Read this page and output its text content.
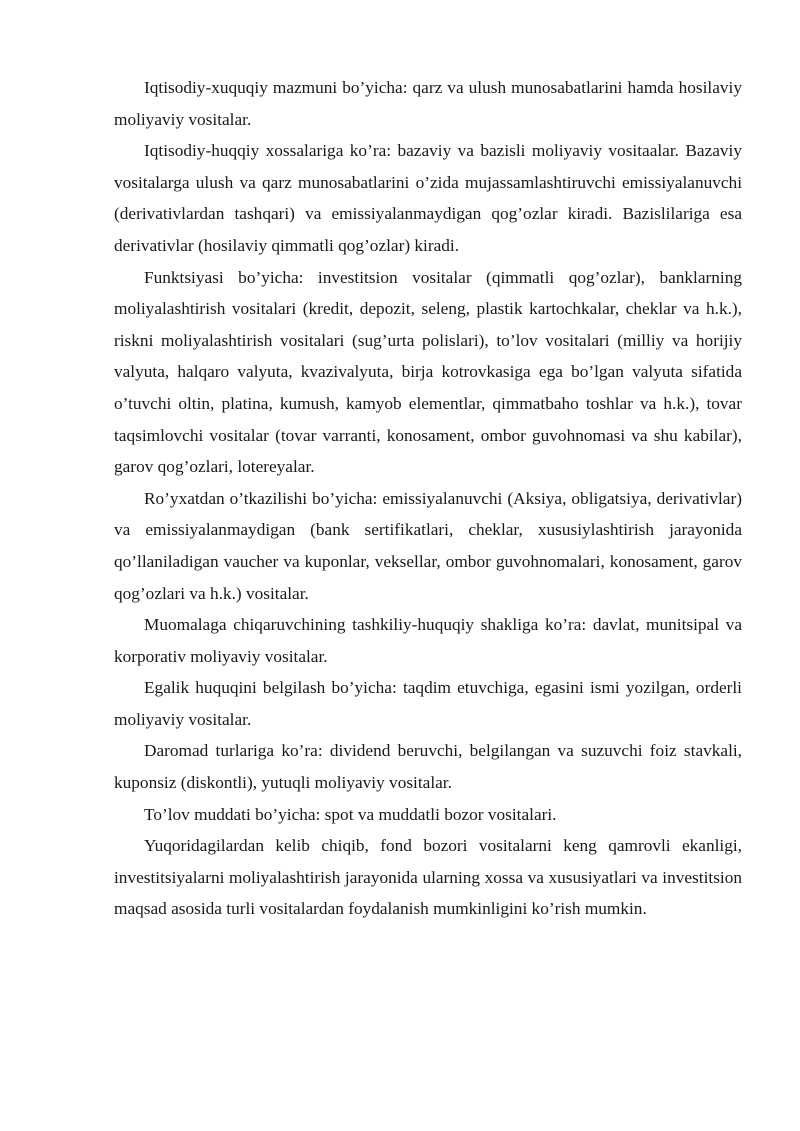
Iqtisodiy-xuquqiy mazmuni bo’yicha: qarz va ulush munosabatlarini hamda hosilaviy moliyaviy vositalar.

Iqtisodiy-huqqiy xossalariga ko’ra: bazaviy va bazisli moliyaviy vositaalar. Bazaviy vositalarga ulush va qarz munosabatlarini o’zida mujassamlashtiruvchi emissiyalanuvchi (derivativlardan tashqari) va emissiyalanmaydigan qog’ozlar kiradi. Bazislilariga esa derivativlar (hosilaviy qimmatli qog’ozlar) kiradi.

Funktsiyasi bo’yicha: investitsion vositalar (qimmatli qog’ozlar), banklarning moliyalashtirish vositalari (kredit, depozit, seleng, plastik kartochkalar, cheklar va h.k.), riskni moliyalashtirish vositalari (sug’urta polislari), to’lov vositalari (milliy va horijiy valyuta, halqaro valyuta, kvazivalyuta, birja kotrovkasiga ega bo’lgan valyuta sifatida o’tuvchi oltin, platina, kumush, kamyob elementlar, qimmatbaho toshlar va h.k.), tovar taqsimlovchi vositalar (tovar varranti, konosament, ombor guvohnomasi va shu kabilar), garov qog’ozlari, lotereyalar.

Ro’yxatdan o’tkazilishi bo’yicha: emissiyalanuvchi (Aksiya, obligatsiya, derivativlar) va emissiyalanmaydigan (bank sertifikatlari, cheklar, xususiylashtirish jarayonida qo’llaniladigan vaucher va kuponlar, veksellar, ombor guvohnomalari, konosament, garov qog’ozlari va h.k.) vositalar.

Muomalaga chiqaruvchining tashkiliy-huquqiy shakliga ko’ra: davlat, munitsipal va korporativ moliyaviy vositalar.

Egalik huquqini belgilash bo’yicha: taqdim etuvchiga, egasini ismi yozilgan, orderli moliyaviy vositalar.

Daromad turlariga ko’ra: dividend beruvchi, belgilangan va suzuvchi foiz stavkali, kuponsiz (diskontli), yutuqli moliyaviy vositalar.

To’lov muddati bo’yicha: spot va muddatli bozor vositalari.

Yuqoridagilardan kelib chiqib, fond bozori vositalarni keng qamrovli ekanligi, investitsiyalarni moliyalashtirish jarayonida ularning xossa va xususiyatlari va investitsion maqsad asosida turli vositalardan foydalanish mumkinligini ko’rish mumkin.
